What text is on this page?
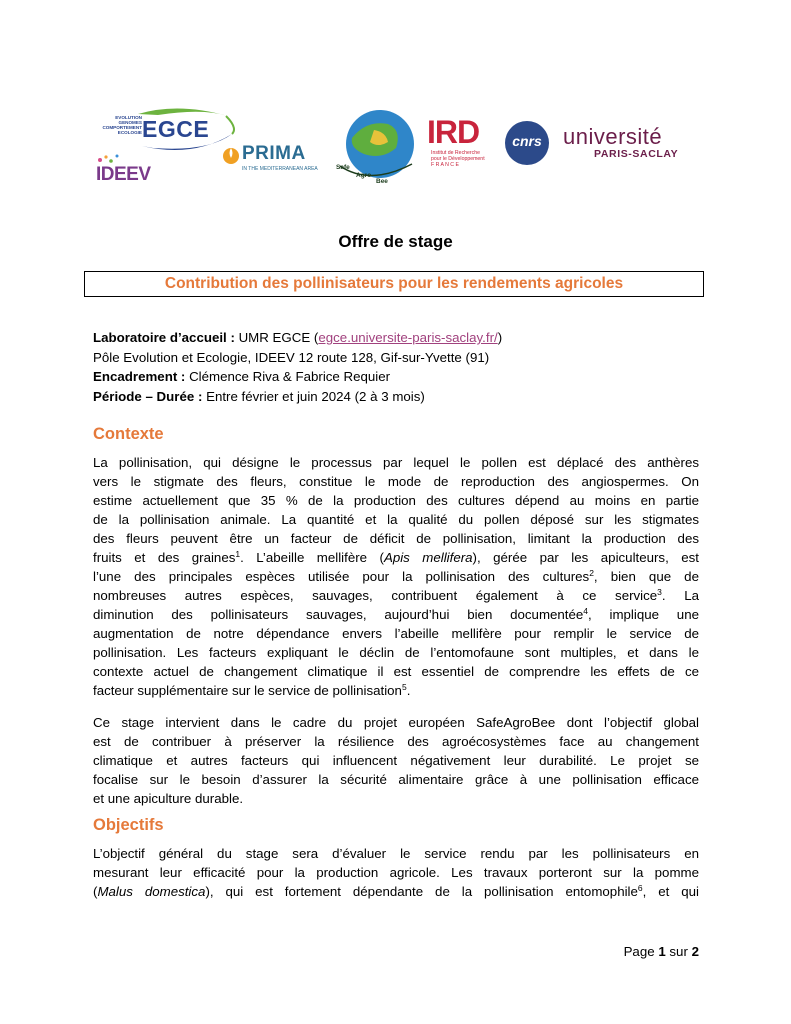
EVOLUTION
GENOMES
COMPORTEMENT
ECOLOGIE EGCE
IDEEV
PRIMA
IN THE MEDITERRANEAN AREA	Safe
Agro
Bee
IRD
Institut de Recherche
pour le Développement
F R A N C E
cnrs université
PARIS-SACLAY
Offre de stage
Contribution des pollinisateurs pour les rendements agricoles
Laboratoire d’accueil : UMR EGCE (egce.universite-paris-saclay.fr/)
Pôle Evolution et Ecologie, IDEEV 12 route 128, Gif-sur-Yvette (91)
Encadrement : Clémence Riva & Fabrice Requier
Période – Durée : Entre février et juin 2024 (2 à 3 mois)
Contexte
La pollinisation, qui désigne le processus par lequel le pollen est déplacé des anthères
vers le stigmate des fleurs, constitue le mode de reproduction des angiospermes. On
estime actuellement que 35 % de la production des cultures dépend au moins en partie
de la pollinisation animale. La quantité et la qualité du pollen déposé sur les stigmates
des fleurs peuvent être un facteur de déficit de pollinisation, limitant la production des
fruits et des graines$^1$. L’abeille mellifère (Apis mellifera), gérée par les apiculteurs, est
l’une des principales espèces utilisée pour la pollinisation des cultures$^2$, bien que de
nombreuses autres espèces, sauvages, contribuent également à ce service$^3$. La
diminution des pollinisateurs sauvages, aujourd’hui bien documentée$^4$, implique une
augmentation de notre dépendance envers l’abeille mellifère pour remplir le service de
pollinisation. Les facteurs expliquant le déclin de l’entomofaune sont multiples, et dans le
contexte actuel de changement climatique il est essentiel de comprendre les effets de ce
facteur supplémentaire sur le service de pollinisation$^5$.
Ce stage intervient dans le cadre du projet européen SafeAgroBee dont l’objectif global
est de contribuer à préserver la résilience des agroécosystèmes face au changement
climatique et autres facteurs qui influencent négativement leur durabilité. Le projet se
focalise sur le besoin d’assurer la sécurité alimentaire grâce à une pollinisation efficace
et une apiculture durable.
Objectifs
L’objectif général du stage sera d’évaluer le service rendu par les pollinisateurs en
mesurant leur efficacité pour la production agricole. Les travaux porteront sur la pomme
(Malus domestica), qui est fortement dépendante de la pollinisation entomophile$^6$, et qui
Page 1 sur 2
